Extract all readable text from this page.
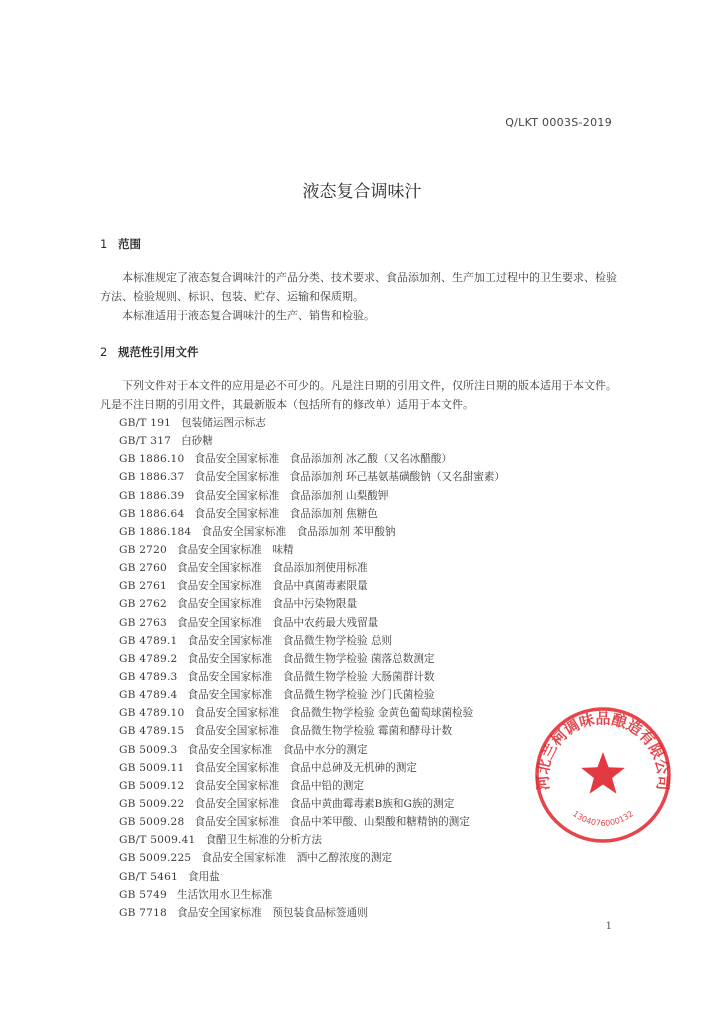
Q/LKT 0003S-2019
液态复合调味汁
1 范围

本标准规定了液态复合调味汁的产品分类、技术要求、食品添加剂、生产加工过程中的卫生要求、检验方法、检验规则、标识、包装、贮存、运输和保质期。

本标准适用于液态复合调味汁的生产、销售和检验。

2 规范性引用文件

下列文件对于本文件的应用是必不可少的。凡是注日期的引用文件，仅所注日期的版本适用于本文件。凡是不注日期的引用文件，其最新版本（包括所有的修改单）适用于本文件。

GB/T 191 包装储运图示标志
GB/T 317 白砂糖
GB 1886.10 食品安全国家标准　食品添加剂 冰乙酸（又名冰醋酸）
GB 1886.37 食品安全国家标准　食品添加剂 环己基氨基磺酸钠（又名甜蜜素）
GB 1886.39 食品安全国家标准　食品添加剂 山梨酸钾
GB 1886.64 食品安全国家标准　食品添加剂 焦糖色
GB 1886.184 食品安全国家标准　食品添加剂 苯甲酸钠
GB 2720 食品安全国家标准　味精
GB 2760 食品安全国家标准　食品添加剂使用标准
GB 2761 食品安全国家标准　食品中真菌毒素限量
GB 2762 食品安全国家标准　食品中污染物限量
GB 2763 食品安全国家标准　食品中农药最大残留量
GB 4789.1 食品安全国家标准　食品微生物学检验 总则
GB 4789.2 食品安全国家标准　食品微生物学检验 菌落总数测定
GB 4789.3 食品安全国家标准　食品微生物学检验 大肠菌群计数
GB 4789.4 食品安全国家标准　食品微生物学检验 沙门氏菌检验
GB 4789.10 食品安全国家标准　食品微生物学检验 金黄色葡萄球菌检验
GB 4789.15 食品安全国家标准　食品微生物学检验 霉菌和酵母计数
GB 5009.3 食品安全国家标准　食品中水分的测定
GB 5009.11 食品安全国家标准　食品中总砷及无机砷的测定
GB 5009.12 食品安全国家标准　食品中铅的测定
GB 5009.22 食品安全国家标准　食品中黄曲霉毒素B族和G族的测定
GB 5009.28 食品安全国家标准　食品中苯甲酸、山梨酸和糖精钠的测定
GB/T 5009.41 食醋卫生标准的分析方法
GB 5009.225 食品安全国家标准　酒中乙醇浓度的测定
GB/T 5461 食用盐
GB 5749 生活饮用水卫生标准
GB 7718 食品安全国家标准　预包装食品标签通则
河北兰柯调味品酿造有限公司
1304076000132
1
